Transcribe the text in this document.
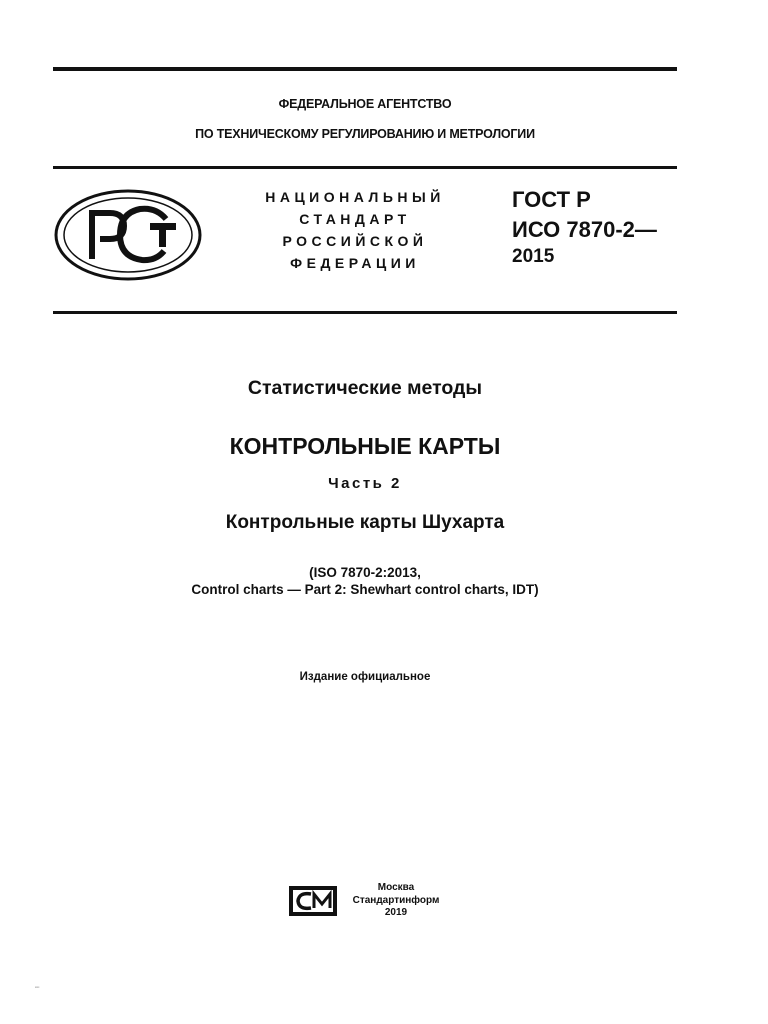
ФЕДЕРАЛЬНОЕ АГЕНТСТВО
ПО ТЕХНИЧЕСКОМУ РЕГУЛИРОВАНИЮ И МЕТРОЛОГИИ
НАЦИОНАЛЬНЫЙ
СТАНДАРТ
РОССИЙСКОЙ
ФЕДЕРАЦИИ
ГОСТ Р
ИСО 7870-2—
2015
Статистические методы
КОНТРОЛЬНЫЕ КАРТЫ
Часть 2
Контрольные карты Шухарта
(ISO 7870-2:2013,
Control charts — Part 2: Shewhart control charts, IDT)
Издание официальное
Москва
Стандартинформ
2019
▪▪▪▪
